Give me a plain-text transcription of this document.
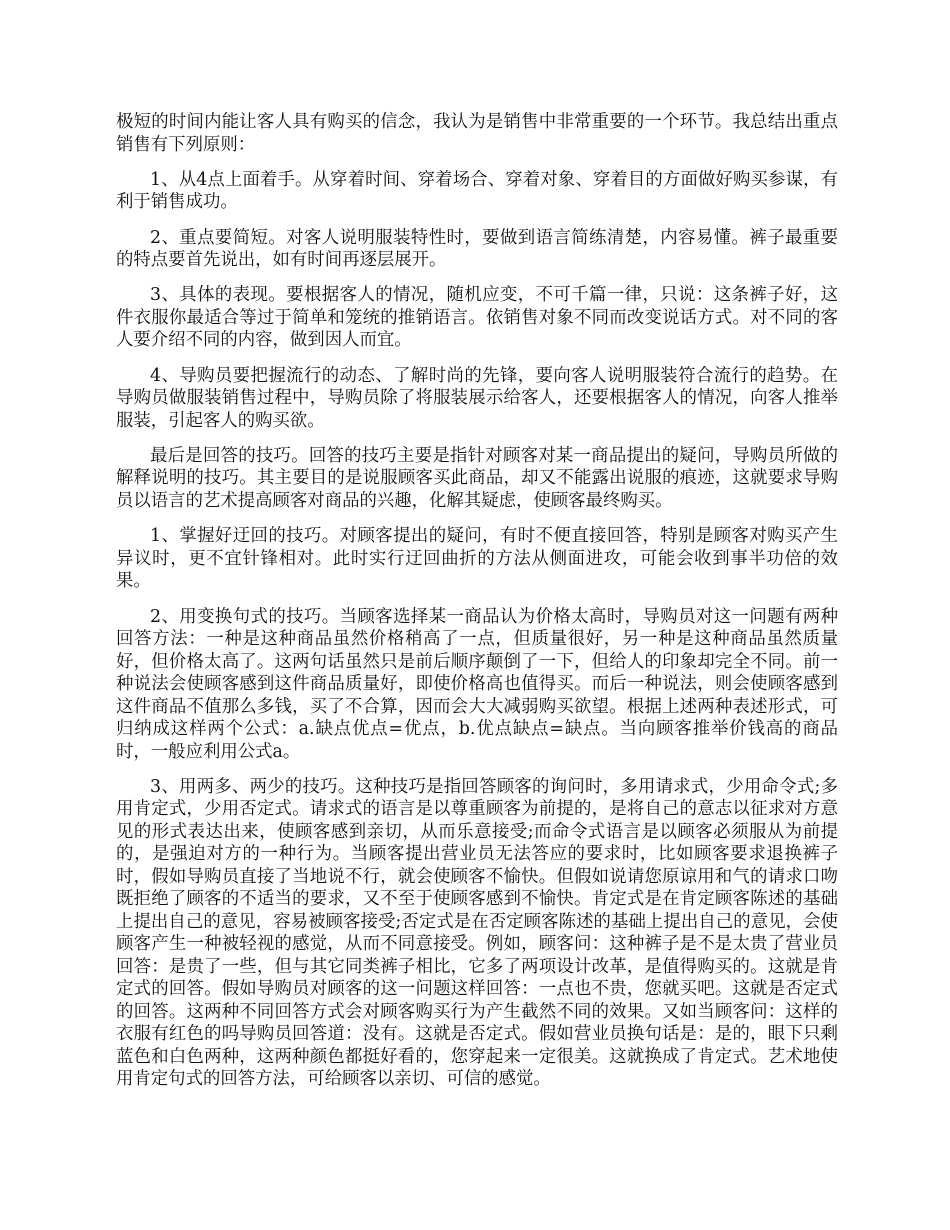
极短的时间内能让客人具有购买的信念，我认为是销售中非常重要的一个环节。我总结出重点销售有下列原则：

1、从4点上面着手。从穿着时间、穿着场合、穿着对象、穿着目的方面做好购买参谋，有利于销售成功。

2、重点要简短。对客人说明服装特性时，要做到语言简练清楚，内容易懂。裤子最重要的特点要首先说出，如有时间再逐层展开。

3、具体的表现。要根据客人的情况，随机应变，不可千篇一律，只说：这条裤子好，这件衣服你最适合等过于简单和笼统的推销语言。依销售对象不同而改变说话方式。对不同的客人要介绍不同的内容，做到因人而宜。

4、导购员要把握流行的动态、了解时尚的先锋，要向客人说明服装符合流行的趋势。在导购员做服装销售过程中，导购员除了将服装展示给客人，还要根据客人的情况，向客人推举服装，引起客人的购买欲。

最后是回答的技巧。回答的技巧主要是指针对顾客对某一商品提出的疑问，导购员所做的解释说明的技巧。其主要目的是说服顾客买此商品，却又不能露出说服的痕迹，这就要求导购员以语言的艺术提高顾客对商品的兴趣，化解其疑虑，使顾客最终购买。

1、掌握好迂回的技巧。对顾客提出的疑问，有时不便直接回答，特别是顾客对购买产生异议时，更不宜针锋相对。此时实行迂回曲折的方法从侧面进攻，可能会收到事半功倍的效果。

2、用变换句式的技巧。当顾客选择某一商品认为价格太高时，导购员对这一问题有两种回答方法：一种是这种商品虽然价格稍高了一点，但质量很好，另一种是这种商品虽然质量好，但价格太高了。这两句话虽然只是前后顺序颠倒了一下，但给人的印象却完全不同。前一种说法会使顾客感到这件商品质量好，即使价格高也值得买。而后一种说法，则会使顾客感到这件商品不值那么多钱，买了不合算，因而会大大减弱购买欲望。根据上述两种表述形式，可归纳成这样两个公式：a.缺点优点=优点，b.优点缺点=缺点。当向顾客推举价钱高的商品时，一般应利用公式a。

3、用两多、两少的技巧。这种技巧是指回答顾客的询问时，多用请求式，少用命令式;多用肯定式，少用否定式。请求式的语言是以尊重顾客为前提的，是将自己的意志以征求对方意见的形式表达出来，使顾客感到亲切，从而乐意接受;而命令式语言是以顾客必须服从为前提的，是强迫对方的一种行为。当顾客提出营业员无法答应的要求时，比如顾客要求退换裤子时，假如导购员直接了当地说不行，就会使顾客不愉快。但假如说请您原谅用和气的请求口吻既拒绝了顾客的不适当的要求，又不至于使顾客感到不愉快。肯定式是在肯定顾客陈述的基础上提出自己的意见，容易被顾客接受;否定式是在否定顾客陈述的基础上提出自己的意见，会使顾客产生一种被轻视的感觉，从而不同意接受。例如，顾客问：这种裤子是不是太贵了营业员回答：是贵了一些，但与其它同类裤子相比，它多了两项设计改革，是值得购买的。这就是肯定式的回答。假如导购员对顾客的这一问题这样回答：一点也不贵，您就买吧。这就是否定式的回答。这两种不同回答方式会对顾客购买行为产生截然不同的效果。又如当顾客问：这样的衣服有红色的吗导购员回答道：没有。这就是否定式。假如营业员换句话是：是的，眼下只剩蓝色和白色两种，这两种颜色都挺好看的，您穿起来一定很美。这就换成了肯定式。艺术地使用肯定句式的回答方法，可给顾客以亲切、可信的感觉。
